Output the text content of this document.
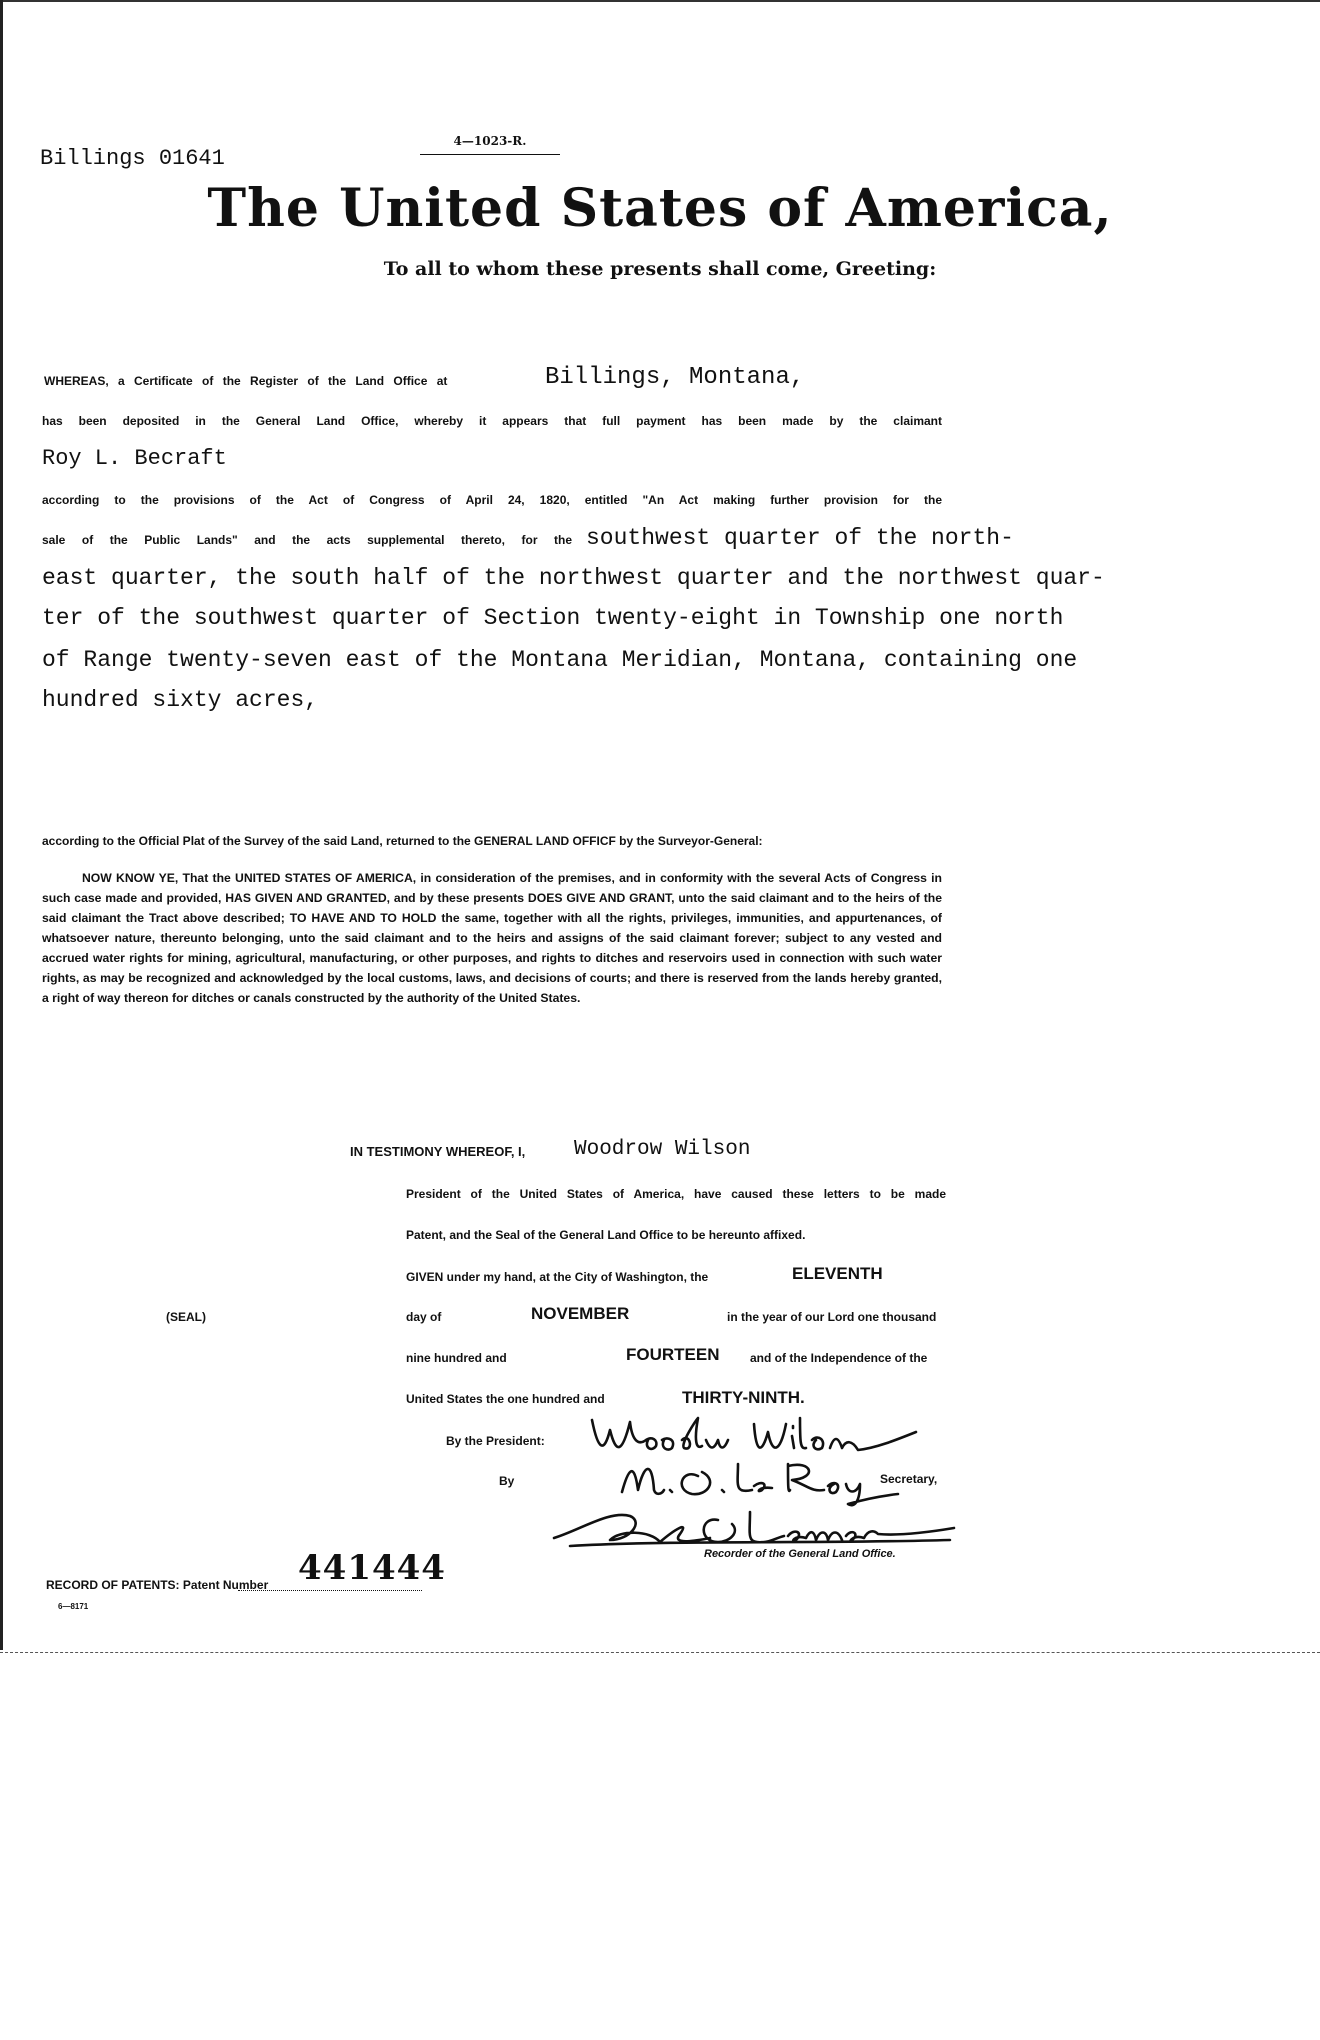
Billings 01641
4—1023-R.
The United States of America,
To all to whom these presents shall come, Greeting:
WHEREAS, a Certificate of the Register of the Land Office at	Billings, Montana,
has been deposited in the General Land Office, whereby it appears that full payment has been made by the claimant
Roy L. Becraft
according to the provisions of the Act of Congress of April 24, 1820, entitled "An Act making further provision for the
sale of the Public Lands" and the acts supplemental thereto, for the southwest quarter of the north-
east quarter, the south half of the northwest quarter and the northwest quar-
ter of the southwest quarter of Section twenty-eight in Township one north
of Range twenty-seven east of the Montana Meridian, Montana, containing one
hundred sixty acres,
according to the Official Plat of the Survey of the said Land, returned to the GENERAL LAND OFFICF by the Surveyor-General:
NOW KNOW YE, That the UNITED STATES OF AMERICA, in consideration of the premises, and in conformity with the several Acts of Congress in such case made and provided, HAS GIVEN AND GRANTED, and by these presents DOES GIVE AND GRANT, unto the said claimant and to the heirs of the said claimant the Tract above described; TO HAVE AND TO HOLD the same, together with all the rights, privileges, immunities, and appurtenances, of whatsoever nature, thereunto belonging, unto the said claimant and to the heirs and assigns of the said claimant forever; subject to any vested and accrued water rights for mining, agricultural, manufacturing, or other purposes, and rights to ditches and reservoirs used in connection with such water rights, as may be recognized and acknowledged by the local customs, laws, and decisions of courts; and there is reserved from the lands hereby granted, a right of way thereon for ditches or canals constructed by the authority of the United States.
IN TESTIMONY WHEREOF, I, Woodrow Wilson
President of the United States of America, have caused these letters to be made
Patent, and the Seal of the General Land Office to be hereunto affixed.
GIVEN under my hand, at the City of Washington, the	ELEVENTH
(SEAL)	day of	NOVEMBER	in the year of our Lord one thousand
nine hundred and	FOURTEEN	and of the Independence of the
United States the one hundred and	THIRTY-NINTH.
By the President:
By	Secretary,
Recorder of the General Land Office.
RECORD OF PATENTS: Patent Number 441444
6—8171
